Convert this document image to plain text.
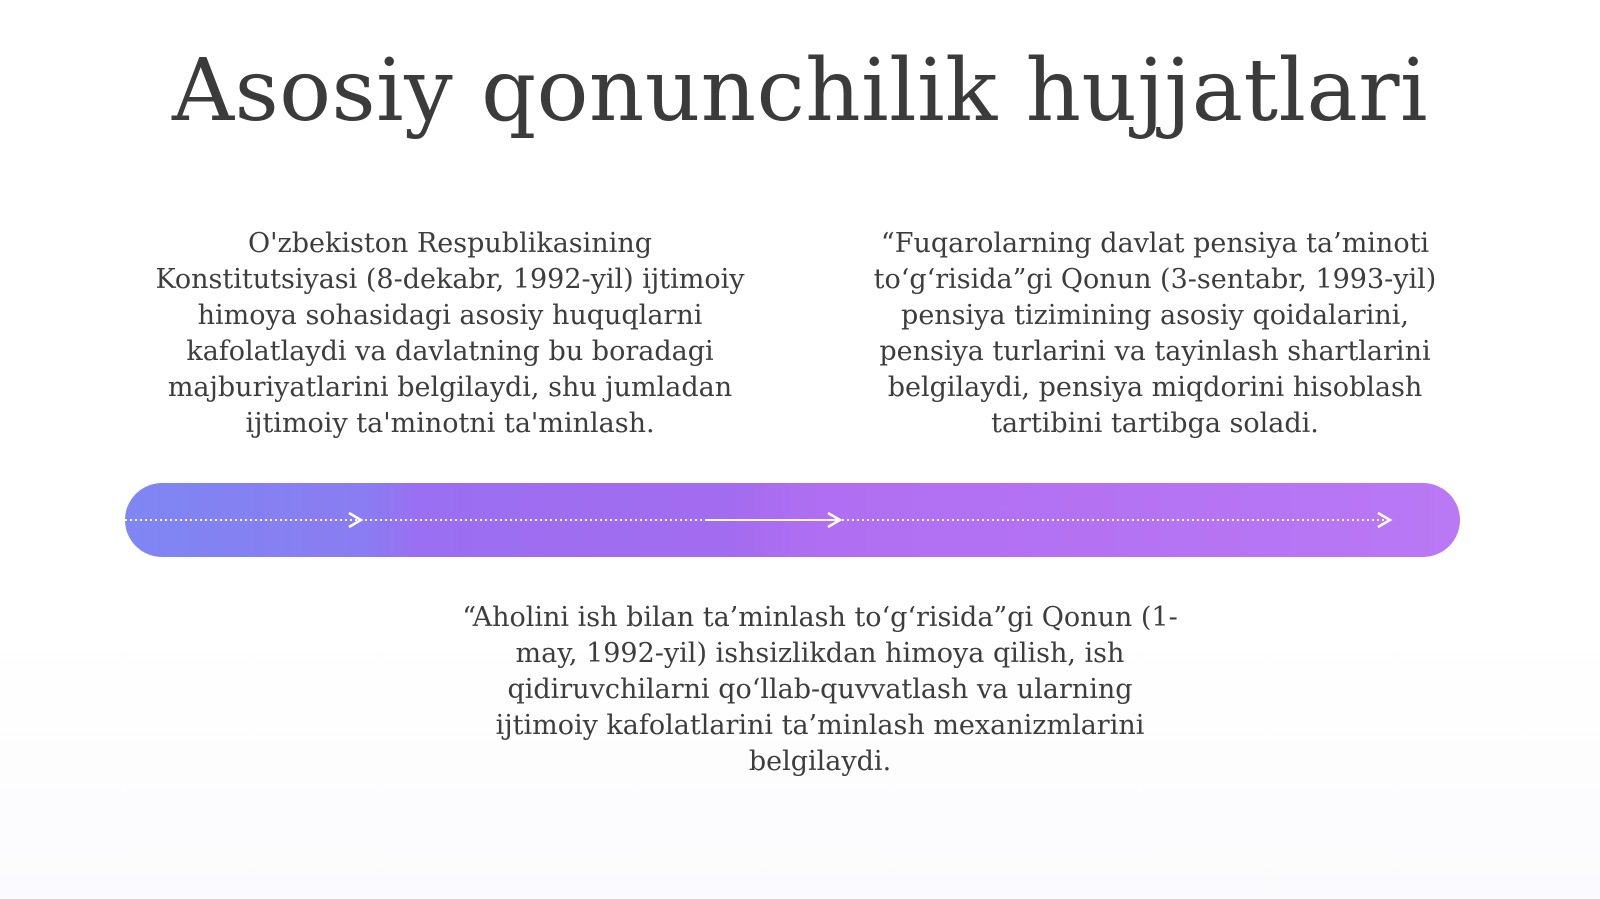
Asosiy qonunchilik hujjatlari

O'zbekiston Respublikasining Konstitutsiyasi (8-dekabr, 1992-yil) ijtimoiy himoya sohasidagi asosiy huquqlarni kafolatlaydi va davlatning bu boradagi majburiyatlarini belgilaydi, shu jumladan ijtimoiy ta'minotni ta'minlash.

“Fuqarolarning davlat pensiya ta’minoti to‘g‘risida”gi Qonun (3-sentabr, 1993-yil) pensiya tizimining asosiy qoidalarini, pensiya turlarini va tayinlash shartlarini belgilaydi, pensiya miqdorini hisoblash tartibini tartibga soladi.

“Aholini ish bilan ta’minlash to‘g‘risida”gi Qonun (1-may, 1992-yil) ishsizlikdan himoya qilish, ish qidiruvchilarni qo‘llab-quvvatlash va ularning ijtimoiy kafolatlarini ta’minlash mexanizmlarini belgilaydi.
